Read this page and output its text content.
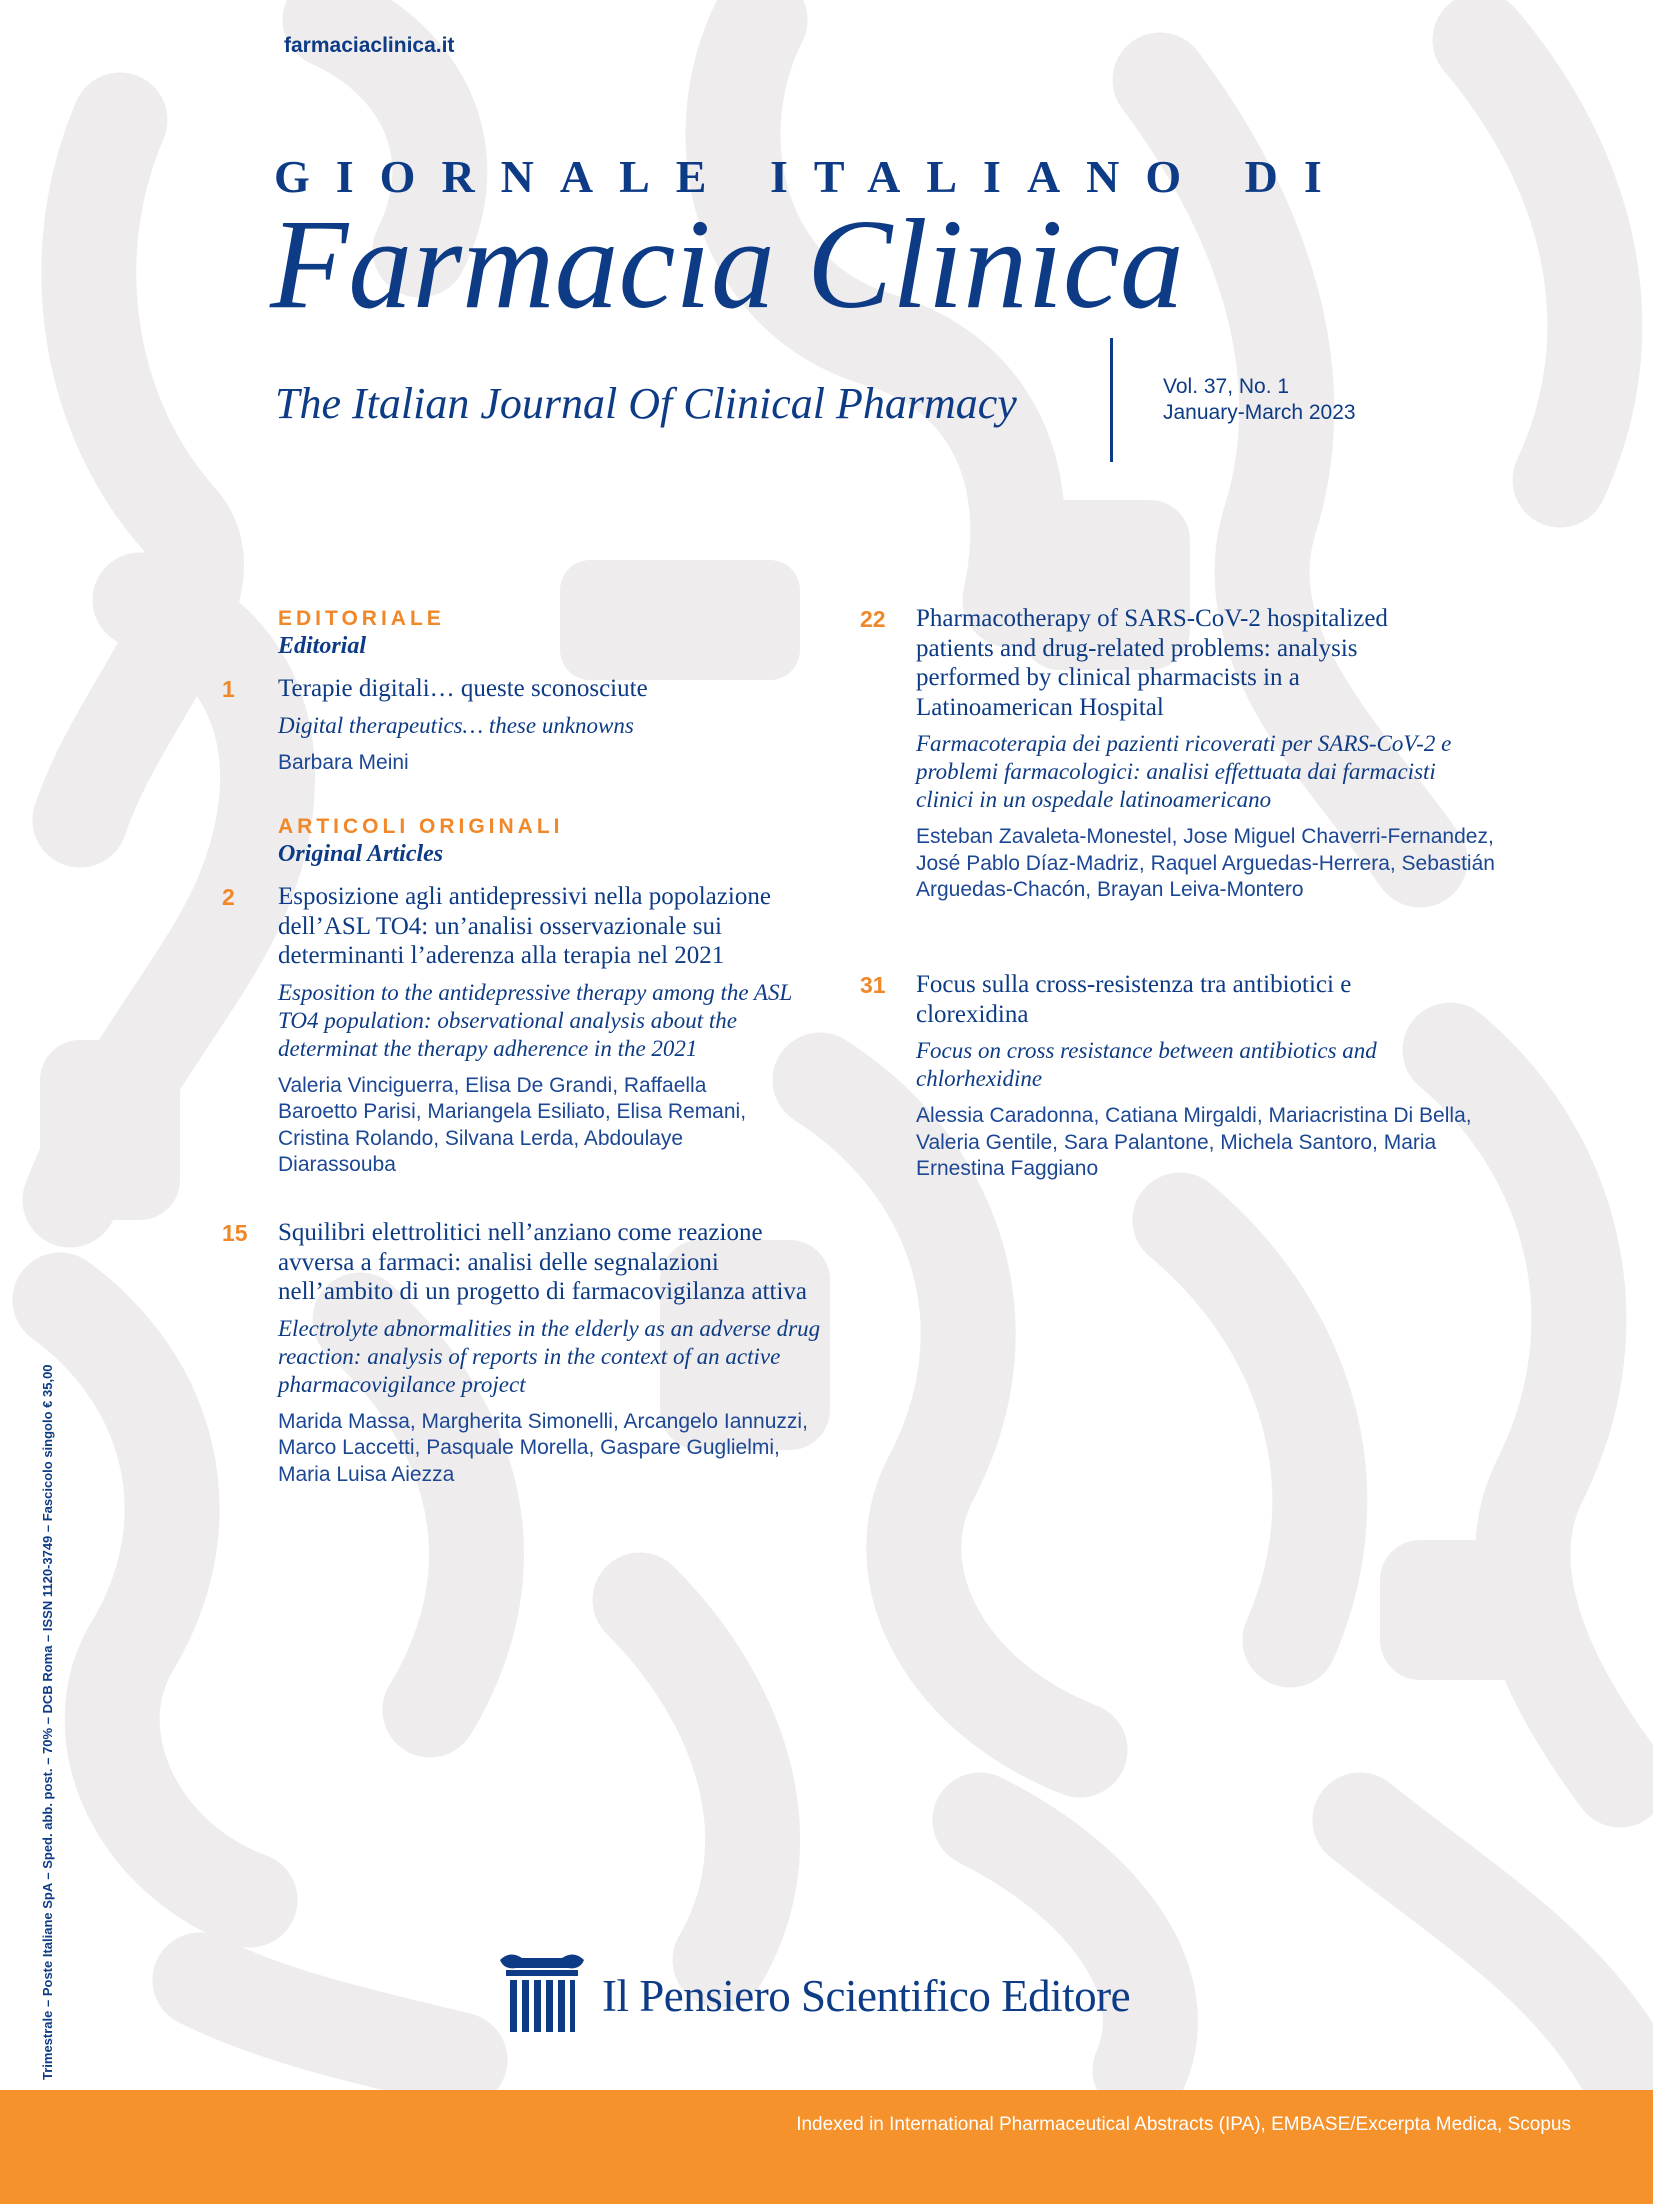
farmaciaclinica.it
GIORNALE ITALIANO DI
Farmacia Clinica
The Italian Journal Of Clinical Pharmacy	Vol. 37, No. 1
January-March 2023
EDITORIALE
Editorial
1 Terapie digitali… queste sconosciute
Digital therapeutics… these unknowns
Barbara Meini
ARTICOLI ORIGINALI
Original Articles
2 Esposizione agli antidepressivi nella popolazione dell’ASL TO4: un’analisi osservazionale sui determinanti l’aderenza alla terapia nel 2021
Esposition to the antidepressive therapy among the ASL TO4 population: observational analysis about the determinat the therapy adherence in the 2021
Valeria Vinciguerra, Elisa De Grandi, Raffaella Baroetto Parisi, Mariangela Esiliato, Elisa Remani, Cristina Rolando, Silvana Lerda, Abdoulaye Diarassouba
15 Squilibri elettrolitici nell’anziano come reazione avversa a farmaci: analisi delle segnalazioni nell’ambito di un progetto di farmacovigilanza attiva
Electrolyte abnormalities in the elderly as an adverse drug reaction: analysis of reports in the context of an active pharmacovigilance project
Marida Massa, Margherita Simonelli, Arcangelo Iannuzzi, Marco Laccetti, Pasquale Morella, Gaspare Guglielmi, Maria Luisa Aiezza
22 Pharmacotherapy of SARS-CoV-2 hospitalized patients and drug-related problems: analysis performed by clinical pharmacists in a Latinoamerican Hospital
Farmacoterapia dei pazienti ricoverati per SARS-CoV-2 e problemi farmacologici: analisi effettuata dai farmacisti clinici in un ospedale latinoamericano
Esteban Zavaleta-Monestel, Jose Miguel Chaverri-Fernandez, José Pablo Díaz-Madriz, Raquel Arguedas-Herrera, Sebastián Arguedas-Chacón, Brayan Leiva-Montero
31 Focus sulla cross-resistenza tra antibiotici e clorexidina
Focus on cross resistance between antibiotics and chlorhexidine
Alessia Caradonna, Catiana Mirgaldi, Mariacristina Di Bella, Valeria Gentile, Sara Palantone, Michela Santoro, Maria Ernestina Faggiano
Trimestrale – Poste Italiane SpA – Sped. abb. post. – 70% – DCB Roma – ISSN 1120-3749 – Fascicolo singolo € 35,00	Il Pensiero Scientifico Editore
Indexed in International Pharmaceutical Abstracts (IPA), EMBASE/Excerpta Medica, Scopus
